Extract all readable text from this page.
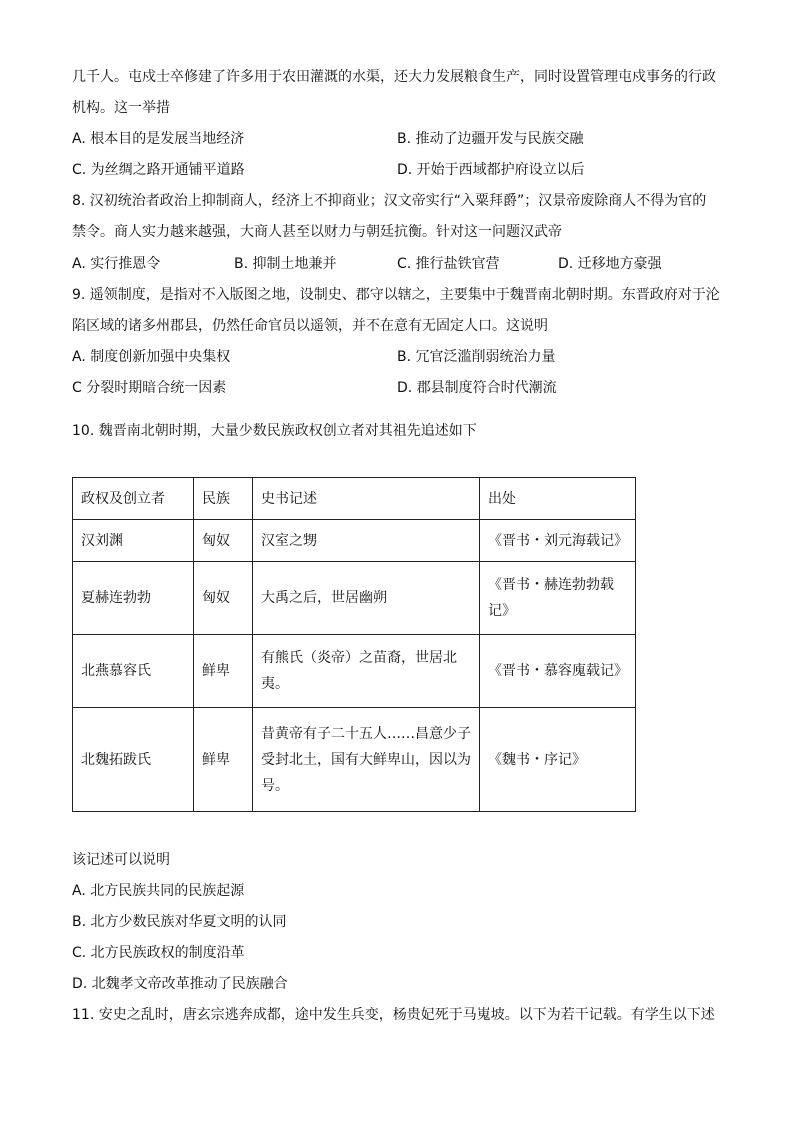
几千人。屯戍士卒修建了许多用于农田灌溉的水渠，还大力发展粮食生产，同时设置管理屯戍事务的行政
机构。这一举措
A. 根本目的是发展当地经济	B. 推动了边疆开发与民族交融
C. 为丝绸之路开通铺平道路	D. 开始于西域都护府设立以后
8. 汉初统治者政治上抑制商人，经济上不抑商业；汉文帝实行“入粟拜爵”；汉景帝废除商人不得为官的
禁令。商人实力越来越强，大商人甚至以财力与朝廷抗衡。针对这一问题汉武帝
A. 实行推恩令	B. 抑制土地兼并	C. 推行盐铁官营	D. 迁移地方豪强
9. 遥领制度，是指对不入版图之地，设制史、郡守以辖之，主要集中于魏晋南北朝时期。东晋政府对于沦
陷区域的诸多州郡县，仍然任命官员以遥领，并不在意有无固定人口。这说明
A. 制度创新加强中央集权	B. 冗官泛滥削弱统治力量
C 分裂时期暗合统一因素	D. 郡县制度符合时代潮流
10. 魏晋南北朝时期，大量少数民族政权创立者对其祖先追述如下
政权及创立者	民族	史书记述	出处
汉刘渊	匈奴	汉室之甥	《晋书・刘元海载记》
夏赫连勃勃	匈奴	大禹之后，世居幽朔	《晋书・赫连勃勃载记》
北燕慕容氏	鲜卑	有熊氏（炎帝）之苗裔，世居北夷。	《晋书・慕容廆载记》
北魏拓跋氏	鲜卑	昔黄帝有子二十五人……昌意少子受封北土，国有大鲜卑山，因以为号。	《魏书・序记》
该记述可以说明
A. 北方民族共同的民族起源
B. 北方少数民族对华夏文明的认同
C. 北方民族政权的制度沿革
D. 北魏孝文帝改革推动了民族融合
11. 安史之乱时，唐玄宗逃奔成都，途中发生兵变，杨贵妃死于马嵬坡。以下为若干记载。有学生以下述
